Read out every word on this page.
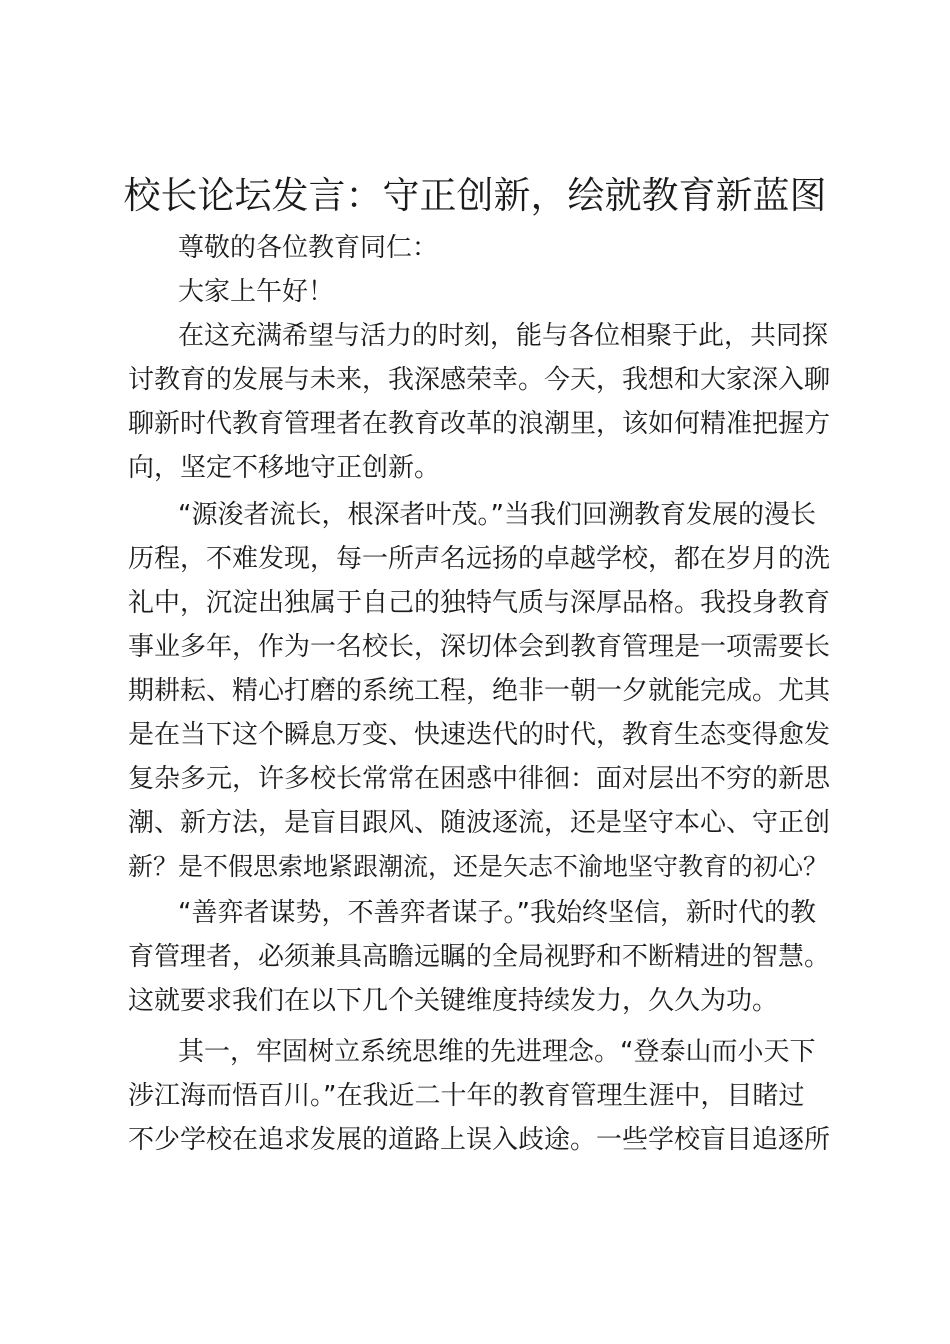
校长论坛发言：守正创新，绘就教育新蓝图

尊敬的各位教育同仁：

大家上午好！

在这充满希望与活力的时刻，能与各位相聚于此，共同探

讨教育的发展与未来，我深感荣幸。今天，我想和大家深入聊

聊新时代教育管理者在教育改革的浪潮里，该如何精准把握方

向，坚定不移地守正创新。

“源浚者流长，根深者叶茂。”当我们回溯教育发展的漫长

历程，不难发现，每一所声名远扬的卓越学校，都在岁月的洗

礼中，沉淀出独属于自己的独特气质与深厚品格。我投身教育

事业多年，作为一名校长，深切体会到教育管理是一项需要长

期耕耘、精心打磨的系统工程，绝非一朝一夕就能完成。尤其

是在当下这个瞬息万变、快速迭代的时代，教育生态变得愈发

复杂多元，许多校长常常在困惑中徘徊：面对层出不穷的新思

潮、新方法，是盲目跟风、随波逐流，还是坚守本心、守正创

新？是不假思索地紧跟潮流，还是矢志不渝地坚守教育的初心？

“善弈者谋势，不善弈者谋子。”我始终坚信，新时代的教

育管理者，必须兼具高瞻远瞩的全局视野和不断精进的智慧。

这就要求我们在以下几个关键维度持续发力，久久为功。

其一，牢固树立系统思维的先进理念。“登泰山而小天下

涉江海而悟百川。”在我近二十年的教育管理生涯中，目睹过

不少学校在追求发展的道路上误入歧途。一些学校盲目追逐所
